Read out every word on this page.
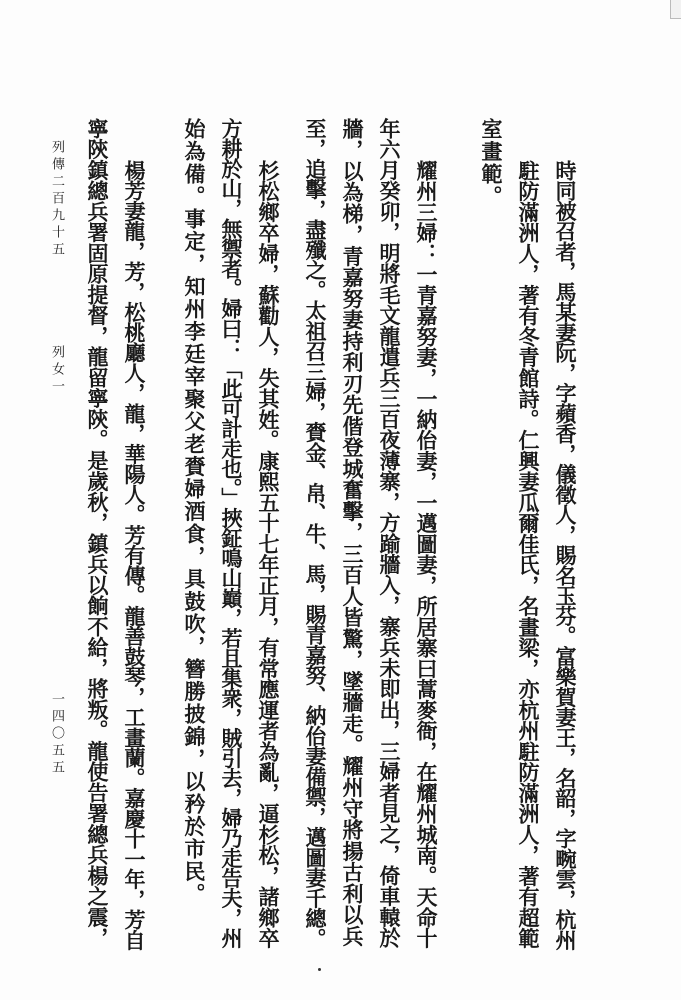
時同被召者，馬某妻阮，字蘋香，儀徵人，賜名玉芬。富樂賀妻王，名韶，字畹雲，杭州
駐防滿洲人，著有冬青館詩。仁興妻瓜爾佳氏，名畫梁，亦杭州駐防滿洲人，著有超範
室畫範。
耀州三婦：一青嘉努妻，一納佁妻，一邁圖妻，所居寨曰蒿麥衙，在耀州城南。天命十
年六月癸卯，明將毛文龍遣兵三百夜薄寨，方踰牆入，寨兵未即出，三婦者見之，倚車轅於
牆，以為梯，青嘉努妻持利刃先偕登城奮擊，三百人皆驚，墜牆走。耀州守將揚古利以兵
至，追擊，盡殲之。太祖召三婦，賚金、帛、牛、馬，賜青嘉努、納佁妻備禦，邁圖妻千總。
杉松鄉卒婦，蘇勸人，失其姓。康熙五十七年正月，有常應運者為亂，逼杉松，諸鄉卒
方耕於山，無禦者。婦曰：「此可計走也。」挾鉦鳴山巔，若且集衆，賊引去，婦乃走告夫，州
始為備。事定，知州李廷宰聚父老賚婦酒食，具鼓吹，簪勝披錦，以矜於市民。
楊芳妻龍，芳，松桃廳人，龍，華陽人。芳有傳。龍善鼓琴，工畫蘭。嘉慶十一年，芳自
寧陝鎮總兵署固原提督，龍留寧陝。是歲秋，鎮兵以餉不給，將叛。龍使告署總兵楊之震，
列傳二百九十五
列女一
一四〇五五
